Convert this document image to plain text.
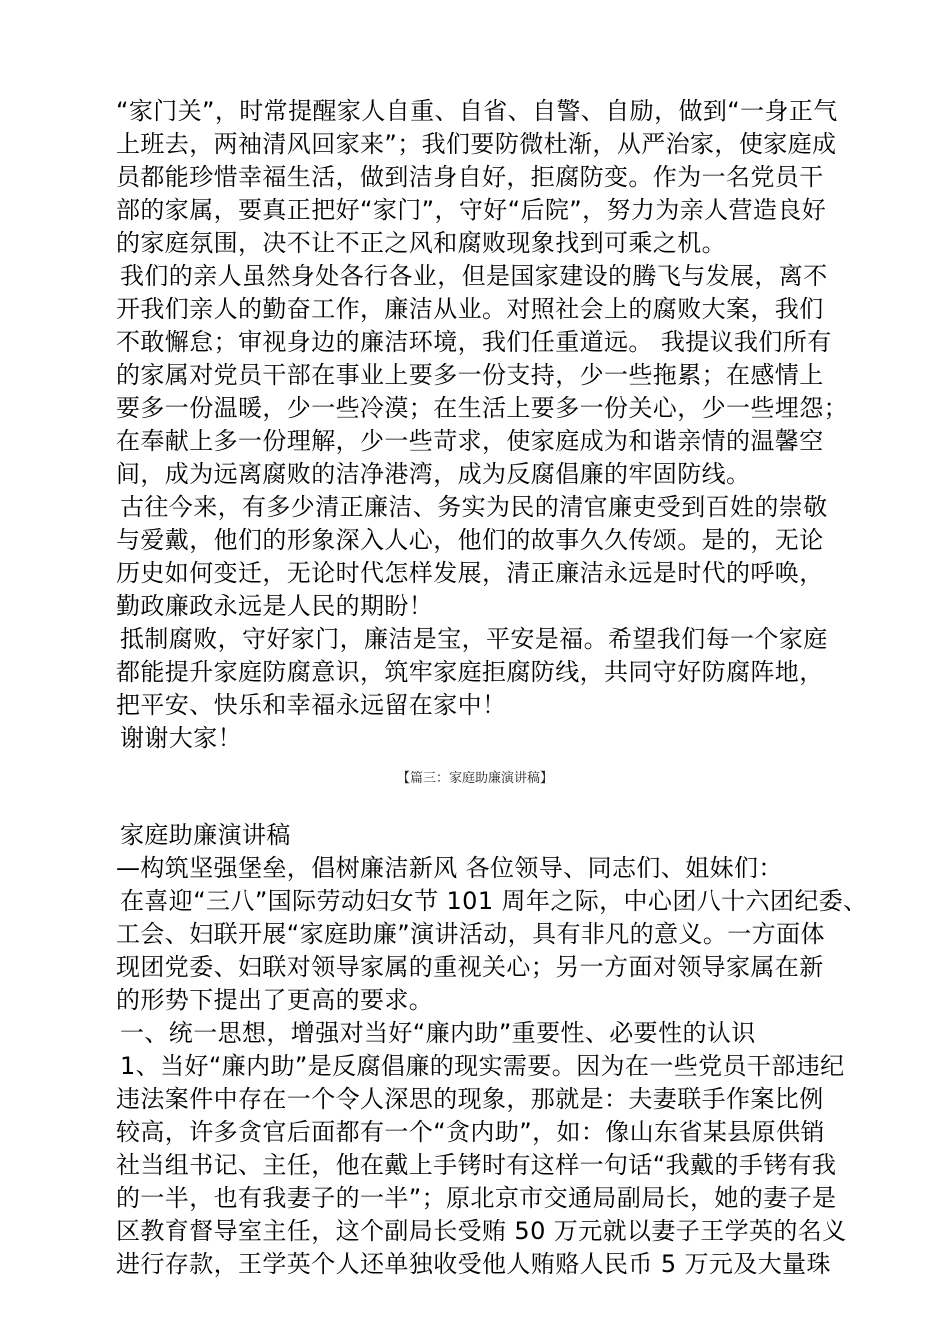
“家门关”，时常提醒家人自重、自省、自警、自励，做到“一身正气
上班去，两袖清风回家来”；我们要防微杜渐，从严治家，使家庭成
员都能珍惜幸福生活，做到洁身自好，拒腐防变。作为一名党员干
部的家属，要真正把好“家门”，守好“后院”，努力为亲人营造良好
的家庭氛围，决不让不正之风和腐败现象找到可乘之机。
我们的亲人虽然身处各行各业，但是国家建设的腾飞与发展，离不
开我们亲人的勤奋工作，廉洁从业。对照社会上的腐败大案，我们
不敢懈怠；审视身边的廉洁环境，我们任重道远。 我提议我们所有
的家属对党员干部在事业上要多一份支持，少一些拖累；在感情上
要多一份温暖，少一些冷漠；在生活上要多一份关心，少一些埋怨；
在奉献上多一份理解，少一些苛求，使家庭成为和谐亲情的温馨空
间，成为远离腐败的洁净港湾，成为反腐倡廉的牢固防线。
古往今来，有多少清正廉洁、务实为民的清官廉吏受到百姓的崇敬
与爱戴，他们的形象深入人心，他们的故事久久传颂。是的，无论
历史如何变迁，无论时代怎样发展，清正廉洁永远是时代的呼唤，
勤政廉政永远是人民的期盼！
抵制腐败，守好家门，廉洁是宝，平安是福。希望我们每一个家庭
都能提升家庭防腐意识，筑牢家庭拒腐防线，共同守好防腐阵地，
把平安、快乐和幸福永远留在家中！
谢谢大家！
【篇三：家庭助廉演讲稿】
家庭助廉演讲稿
—构筑坚强堡垒，倡树廉洁新风 各位领导、同志们、姐妹们：
在喜迎“三八”国际劳动妇女节 101 周年之际，中心团八十六团纪委、
工会、妇联开展“家庭助廉”演讲活动，具有非凡的意义。一方面体
现团党委、妇联对领导家属的重视关心；另一方面对领导家属在新
的形势下提出了更高的要求。
一、统一思想，增强对当好“廉内助”重要性、必要性的认识
1、当好“廉内助”是反腐倡廉的现实需要。因为在一些党员干部违纪
违法案件中存在一个令人深思的现象，那就是：夫妻联手作案比例
较高，许多贪官后面都有一个“贪内助”，如：像山东省某县原供销
社当组书记、主任，他在戴上手铐时有这样一句话“我戴的手铐有我
的一半，也有我妻子的一半”；原北京市交通局副局长，她的妻子是
区教育督导室主任，这个副局长受贿 50 万元就以妻子王学英的名义
进行存款，王学英个人还单独收受他人贿赂人民币 5 万元及大量珠
